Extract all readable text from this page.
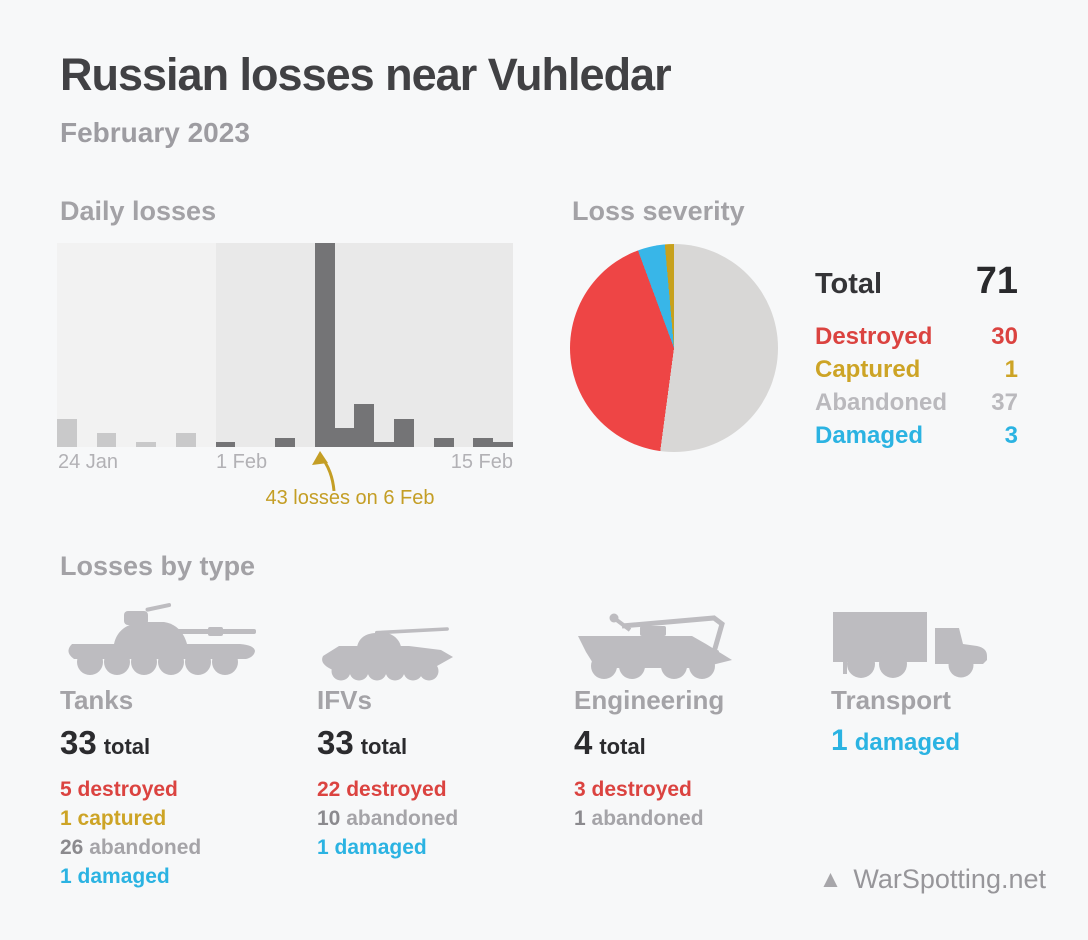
Russian losses near Vuhledar
February 2023
Daily losses
24 Jan	1 Feb	15 Feb
43 losses on 6 Feb
Loss severity
Total 71
Destroyed 30
Captured	1
Abandoned 37
Damaged	3
Losses by type
Tanks
33 total
5 destroyed
1 captured
26 abandoned
1 damaged
IFVs
33 total
22 destroyed
10 abandoned
1 damaged
Engineering
4 total
3 destroyed
1 abandoned
Transport
1 damaged
▲ WarSpotting.net
